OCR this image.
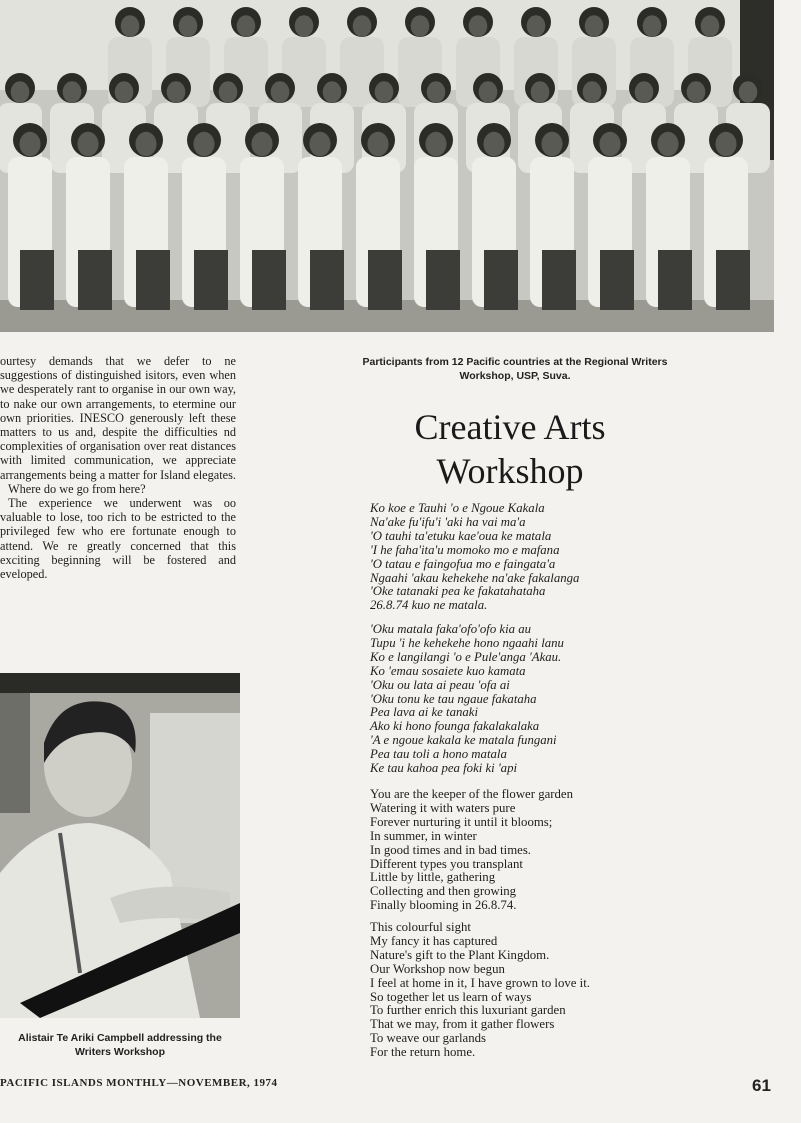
Participants from 12 Pacific countries at the Regional Writers Workshop, USP, Suva.

ourtesy demands that we defer to ne suggestions of distinguished isitors, even when we desperately rant to organise in our own way, to nake our own arrangements, to etermine our own priorities. INESCO generously left these matters to us and, despite the difficulties nd complexities of organisation over reat distances with limited communication, we appreciate arrangements being a matter for Island elegates.

Where do we go from here?

The experience we underwent was oo valuable to lose, too rich to be estricted to the privileged few who ere fortunate enough to attend. We re greatly concerned that this exciting beginning will be fostered and eveloped.

Alistair Te Ariki Campbell addressing the Writers Workshop
Creative Arts
Workshop
Ko koe e Tauhi 'o e Ngoue Kakala
Na'ake fu'ifu'i 'aki ha vai ma'a
'O tauhi ta'etuku kae'oua ke matala
'I he faha'ita'u momoko mo e mafana
'O tatau e faingofua mo e faingata'a
Ngaahi 'akau kehekehe na'ake fakalanga
'Oke tatanaki pea ke fakatahataha
26.8.74 kuo ne matala.
'Oku matala faka'ofo'ofo kia au
Tupu 'i he kehekehe hono ngaahi lanu
Ko e langilangi 'o e Pule'anga 'Akau.
Ko 'emau sosaiete kuo kamata
'Oku ou lata ai peau 'ofa ai
'Oku tonu ke tau ngaue fakataha
Pea lava ai ke tanaki
Ako ki hono founga fakalakalaka
'A e ngoue kakala ke matala fungani
Pea tau toli a hono matala
Ke tau kahoa pea foki ki 'api
You are the keeper of the flower garden
Watering it with waters pure
Forever nurturing it until it blooms;
In summer, in winter
In good times and in bad times.
Different types you transplant
Little by little, gathering
Collecting and then growing
Finally blooming in 26.8.74.
This colourful sight
My fancy it has captured
Nature's gift to the Plant Kingdom.
Our Workshop now begun
I feel at home in it, I have grown to love it.
So together let us learn of ways
To further enrich this luxuriant garden
That we may, from it gather flowers
To weave our garlands
For the return home.
PACIFIC ISLANDS MONTHLY—NOVEMBER, 1974	61
